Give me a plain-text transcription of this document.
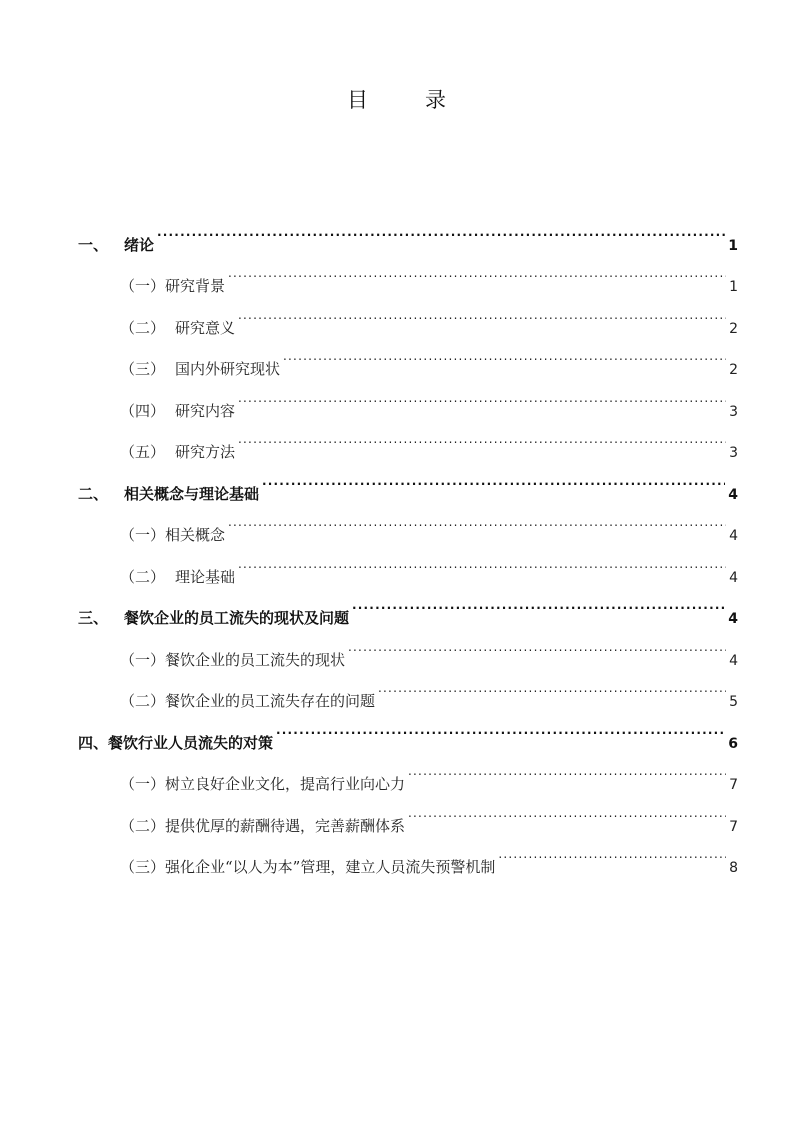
目　录
一、	绪论 .....	1
（一） 研究背景 .....	1
（二） 研究意义 .....	2
（三） 国内外研究现状 .....	2
（四） 研究内容 .....	3
（五） 研究方法 .....	3
二、	相关概念与理论基础 .....	4
（一） 相关概念 .....	4
（二） 理论基础 .....	4
三、	餐饮企业的员工流失的现状及问题 .....	4
（一） 餐饮企业的员工流失的现状 .....	4
（二） 餐饮企业的员工流失存在的问题 .....	5
四、 餐饮行业人员流失的对策 .....	6
（一） 树立良好企业文化，提高行业向心力 .....	7
（二） 提供优厚的薪酬待遇，完善薪酬体系 .....	7
（三） 强化企业“以人为本”管理，建立人员流失预警机制 .....	8
